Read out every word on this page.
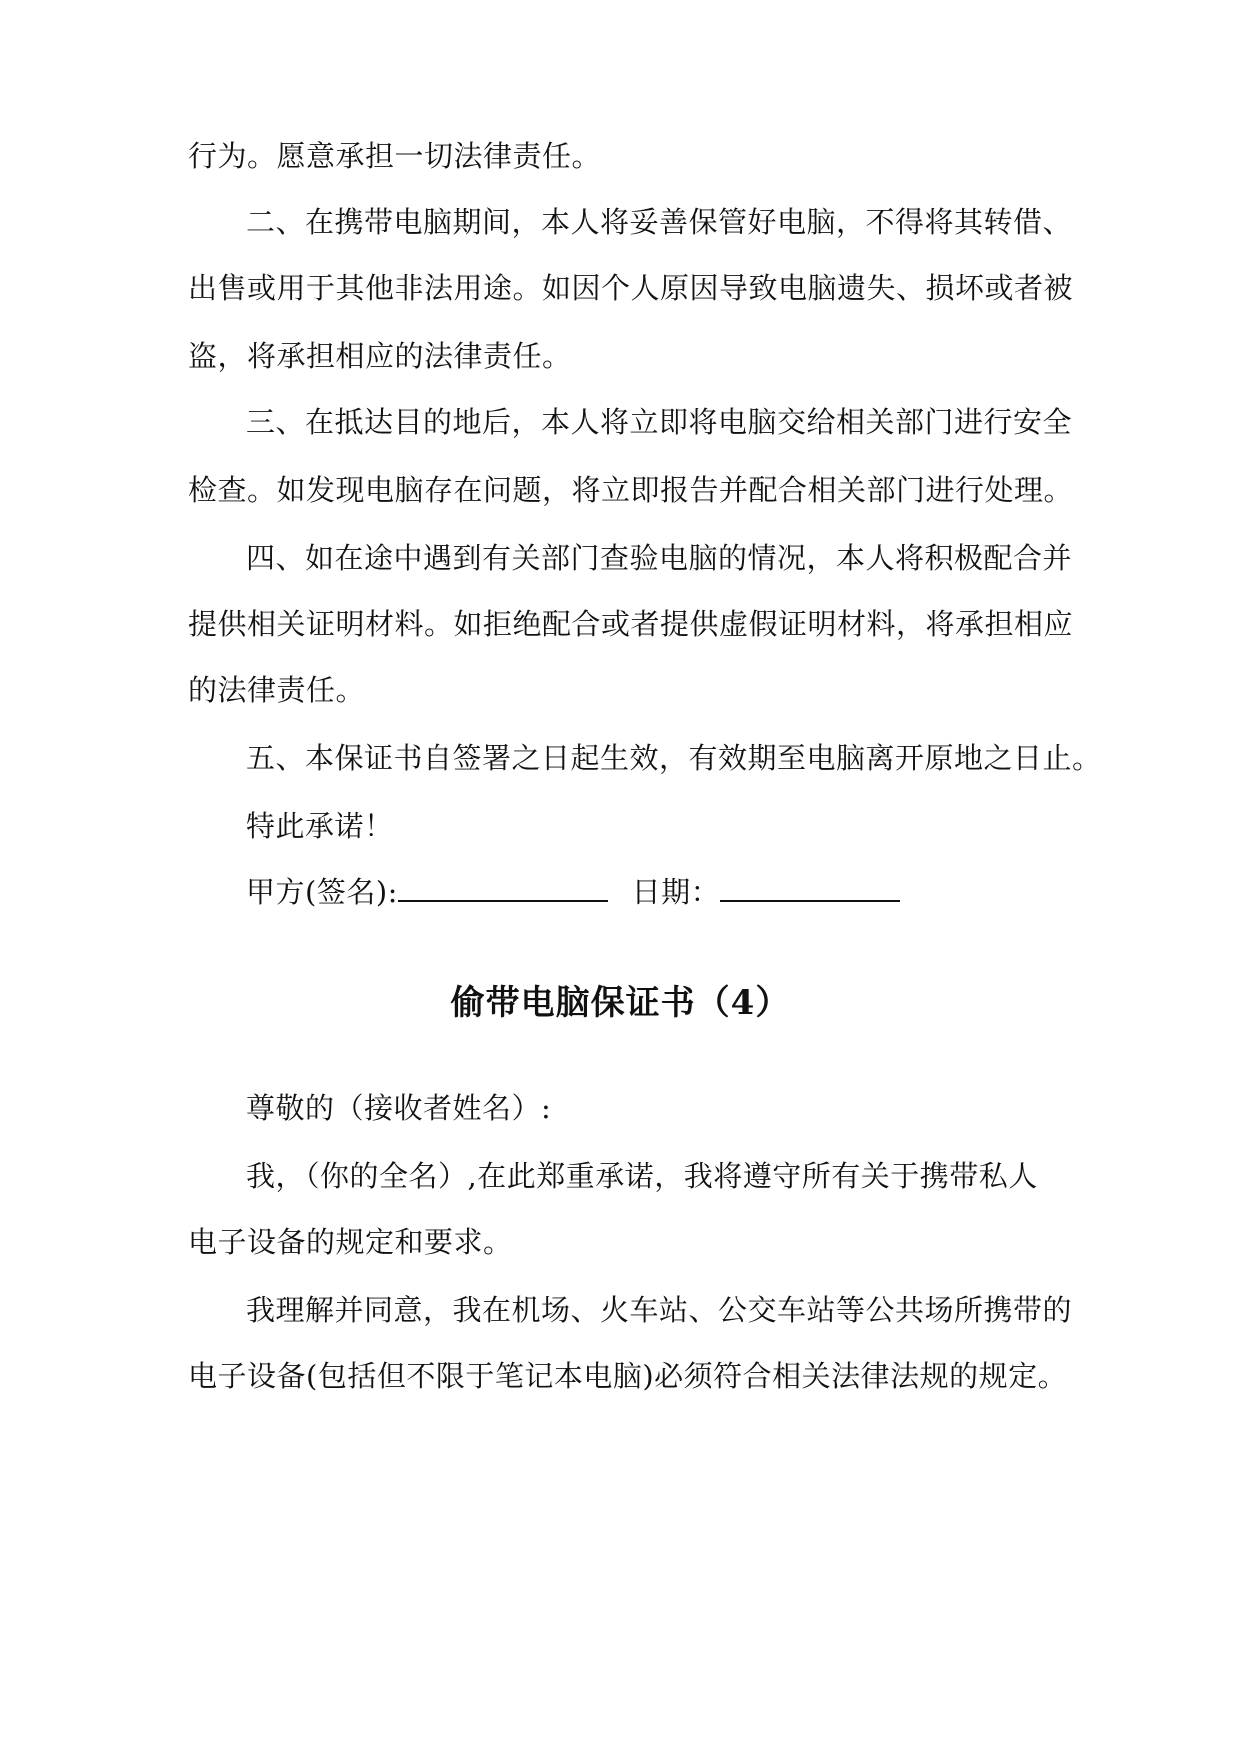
行为。愿意承担一切法律责任。
二、在携带电脑期间，本人将妥善保管好电脑，不得将其转借、
出售或用于其他非法用途。如因个人原因导致电脑遗失、损坏或者被
盗，将承担相应的法律责任。
三、在抵达目的地后，本人将立即将电脑交给相关部门进行安全
检查。如发现电脑存在问题，将立即报告并配合相关部门进行处理。
四、如在途中遇到有关部门查验电脑的情况，本人将积极配合并
提供相关证明材料。如拒绝配合或者提供虚假证明材料，将承担相应
的法律责任。
五、本保证书自签署之日起生效，有效期至电脑离开原地之日止。
特此承诺！
甲方(签名):	日期：
偷带电脑保证书（4）
尊敬的（接收者姓名）:
我，（你的全名）,在此郑重承诺，我将遵守所有关于携带私人
电子设备的规定和要求。
我理解并同意，我在机场、火车站、公交车站等公共场所携带的
电子设备(包括但不限于笔记本电脑)必须符合相关法律法规的规定。
